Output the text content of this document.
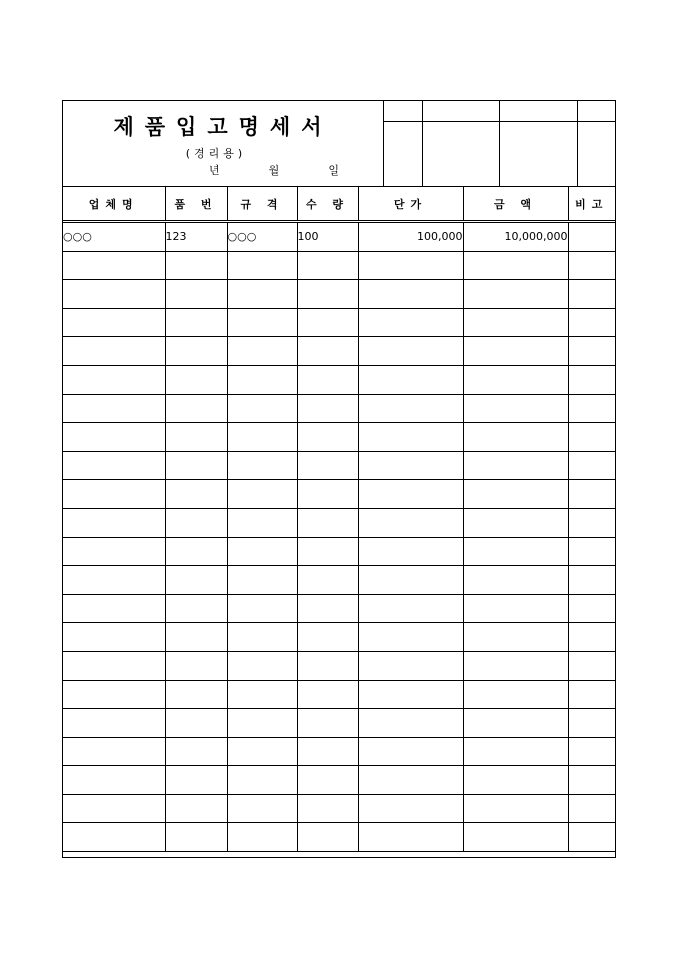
제품입고명세서
(경리용)
년	월	일

업체명	품 번	규 격	수 량	단가	금 액	비고
○○○	123	○○○	100	100,000	10,000,000	
